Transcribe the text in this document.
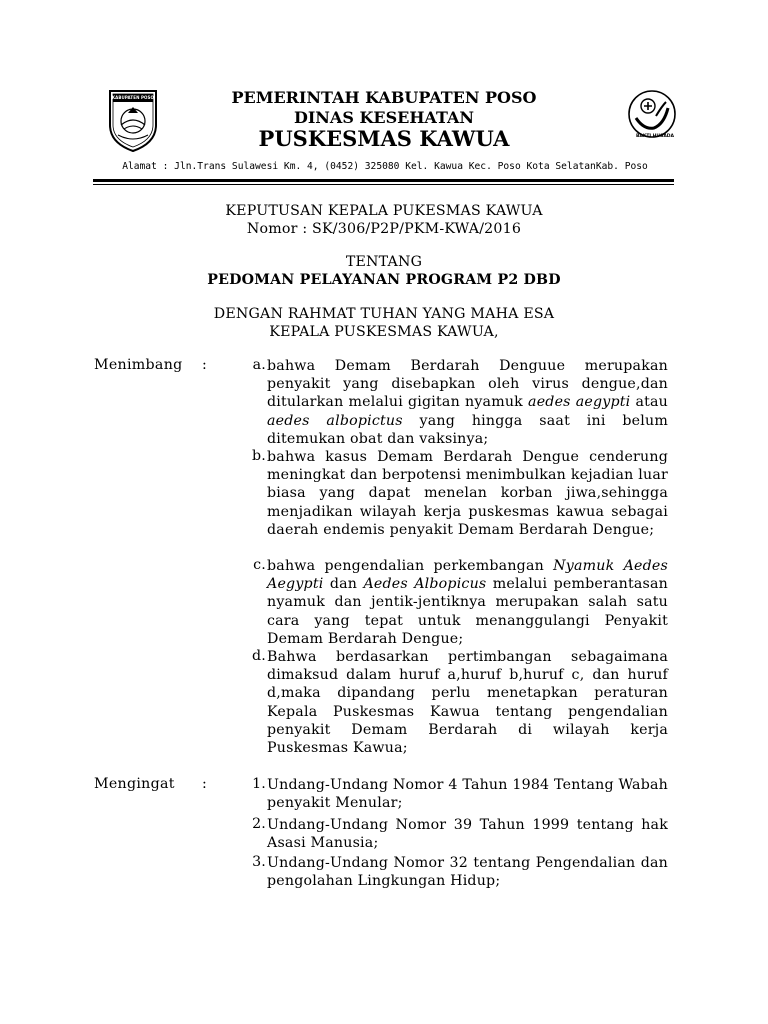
KABUPATEN POSO
BAKTI HUSADA
PEMERINTAH KABUPATEN POSO
DINAS KESEHATAN
PUSKESMAS KAWUA
Alamat : Jln.Trans Sulawesi Km. 4, (0452) 325080 Kel. Kawua Kec. Poso Kota SelatanKab. Poso
KEPUTUSAN KEPALA PUKESMAS KAWUA
Nomor : SK/306/P2P/PKM-KWA/2016
TENTANG
PEDOMAN PELAYANAN PROGRAM P2 DBD
DENGAN RAHMAT TUHAN YANG MAHA ESA
KEPALA PUSKESMAS KAWUA,
Menimbang :	a. bahwa Demam Berdarah Denguue merupakan penyakit yang disebapkan oleh virus dengue,dan ditularkan melalui gigitan nyamuk aedes aegypti atau aedes albopictus yang hingga saat ini belum ditemukan obat dan vaksinya;
b. bahwa kasus Demam Berdarah Dengue cenderung meningkat dan berpotensi menimbulkan kejadian luar biasa yang dapat menelan korban jiwa,sehingga menjadikan wilayah kerja puskesmas kawua sebagai daerah endemis penyakit Demam Berdarah Dengue;
c. bahwa pengendalian perkembangan Nyamuk Aedes Aegypti dan Aedes Albopicus melalui pemberantasan nyamuk dan jentik-jentiknya merupakan salah satu cara yang tepat untuk menanggulangi Penyakit Demam Berdarah Dengue;
d. Bahwa berdasarkan pertimbangan sebagaimana dimaksud dalam huruf a,huruf b,huruf c, dan huruf d,maka dipandang perlu menetapkan peraturan Kepala Puskesmas Kawua tentang pengendalian penyakit Demam Berdarah di wilayah kerja Puskesmas Kawua;
Mengingat :	1. Undang-Undang Nomor 4 Tahun 1984 Tentang Wabah penyakit Menular;
2. Undang-Undang Nomor 39 Tahun 1999 tentang hak Asasi Manusia;
3. Undang-Undang Nomor 32 tentang Pengendalian dan pengolahan Lingkungan Hidup;
